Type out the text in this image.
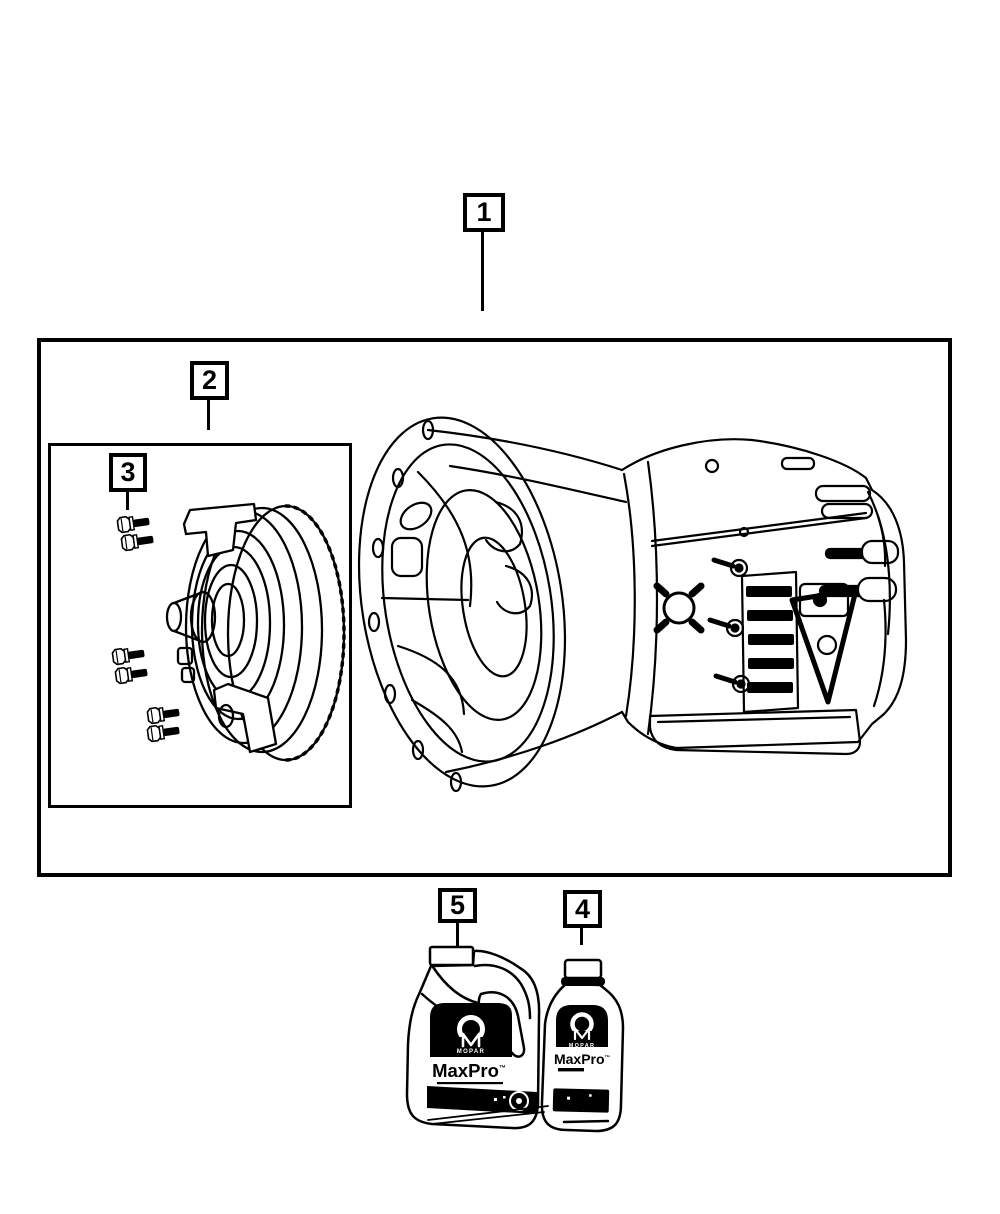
MOPAR
MaxPro™
MOPAR
MaxPro™
1
2
3
5	4
